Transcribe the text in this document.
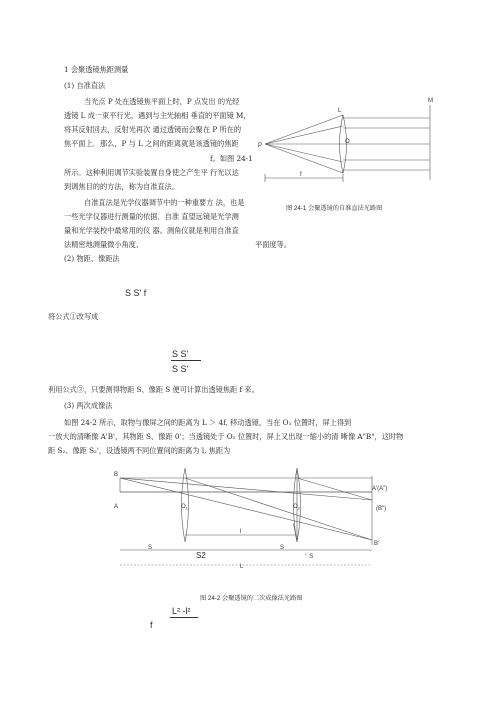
1 会聚透镜焦距测量
(1) 自准直法
当光点 P 处在透镜焦平面上时，P 点发出 的光经
透镜 L 成一束平行光，遇到与主光轴相 垂直的平面镜 M，
将其反射回去，反射光再次 通过透镜而会聚在 P 所在的
焦平面上．那么，P 与 L 之间的距离就是该透镜的焦距
f。如图 24-1
所示。这种利用调节实验装置自身使之产生平 行光以达
到调焦目的的方法，称为自准直法。
自准直法是光学仪器调节中的一种重要方 法，也是
一些光学仪器进行测量的依据．自准 直望远镜是光学测
量和光学装校中最常用的仪 器。测角仪就是利用自准直
法精密地测量微小角度、	平面度等。
L
M
P
O
f
图 24-1 会聚透镜的自准直法光路图
(2) 物距、像距法
S S' f
将公式①改写成
S S'
S S'
利用公式③，只要测得物距 S、像距 S 便可计算出透镜焦距 f 来。
(3) 两次成像法
如图 24-2 所示，取物与像屏之间的距离为 L ＞ 4f, 移动透镜，当在 O₁ 位置时，屏上得到
一放大的清晰像 A'B'，其物距 S、像距 0'；当透镜处于 O₂ 位置时，屏上又出现一缩小的清 晰像 A"B"，这时物
距 S₂、像距 S₂'，设透镜两不同位置间的距离为 l, 焦距为
B
A	$O_1$	$O_2$
A'(A")
(B")
B'
l
S	S
' S
L
S2
图 24-2 会聚透镜的二次成像法光路图
f
L² -l²
